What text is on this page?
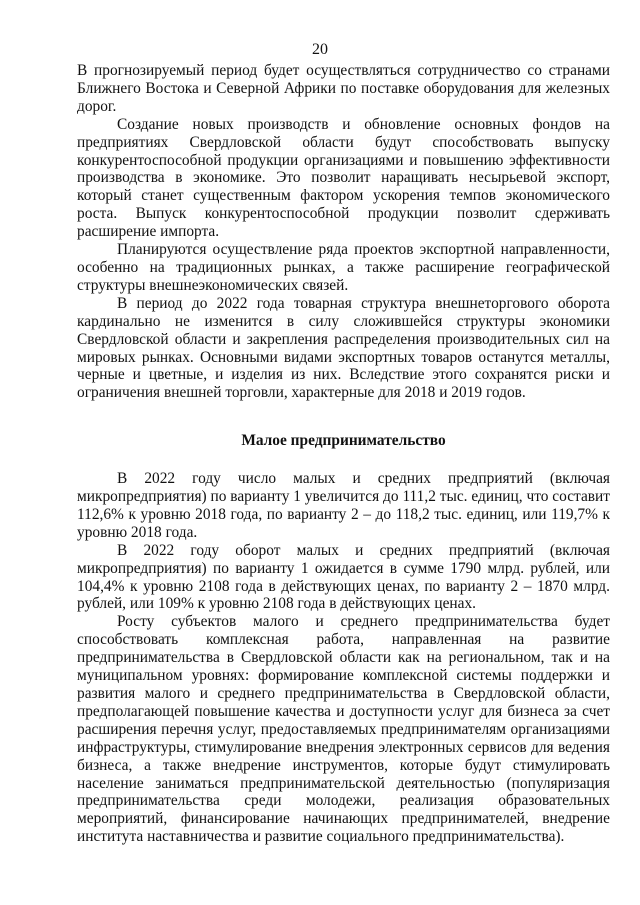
20

В прогнозируемый период будет осуществляться сотрудничество со странами Ближнего Востока и Северной Африки по поставке оборудования для железных дорог.

Создание новых производств и обновление основных фондов на предприятиях Свердловской области будут способствовать выпуску конкурентоспособной продукции организациями и повышению эффективности производства в экономике. Это позволит наращивать несырьевой экспорт, который станет существенным фактором ускорения темпов экономического роста. Выпуск конкурентоспособной продукции позволит сдерживать расширение импорта.

Планируются осуществление ряда проектов экспортной направленности, особенно на традиционных рынках, а также расширение географической структуры внешнеэкономических связей.

В период до 2022 года товарная структура внешнеторгового оборота кардинально не изменится в силу сложившейся структуры экономики Свердловской области и закрепления распределения производительных сил на мировых рынках. Основными видами экспортных товаров останутся металлы, черные и цветные, и изделия из них. Вследствие этого сохранятся риски и ограничения внешней торговли, характерные для 2018 и 2019 годов.

Малое предпринимательство

В 2022 году число малых и средних предприятий (включая микропредприятия) по варианту 1 увеличится до 111,2 тыс. единиц, что составит 112,6% к уровню 2018 года, по варианту 2 – до 118,2 тыс. единиц, или 119,7% к уровню 2018 года.

В 2022 году оборот малых и средних предприятий (включая микропредприятия) по варианту 1 ожидается в сумме 1790 млрд. рублей, или 104,4% к уровню 2108 года в действующих ценах, по варианту 2 – 1870 млрд. рублей, или 109% к уровню 2108 года в действующих ценах.

Росту субъектов малого и среднего предпринимательства будет способствовать комплексная работа, направленная на развитие предпринимательства в Свердловской области как на региональном, так и на муниципальном уровнях: формирование комплексной системы поддержки и развития малого и среднего предпринимательства в Свердловской области, предполагающей повышение качества и доступности услуг для бизнеса за счет расширения перечня услуг, предоставляемых предпринимателям организациями инфраструктуры, стимулирование внедрения электронных сервисов для ведения бизнеса, а также внедрение инструментов, которые будут стимулировать население заниматься предпринимательской деятельностью (популяризация предпринимательства среди молодежи, реализация образовательных мероприятий, финансирование начинающих предпринимателей, внедрение института наставничества и развитие социального предпринимательства).
